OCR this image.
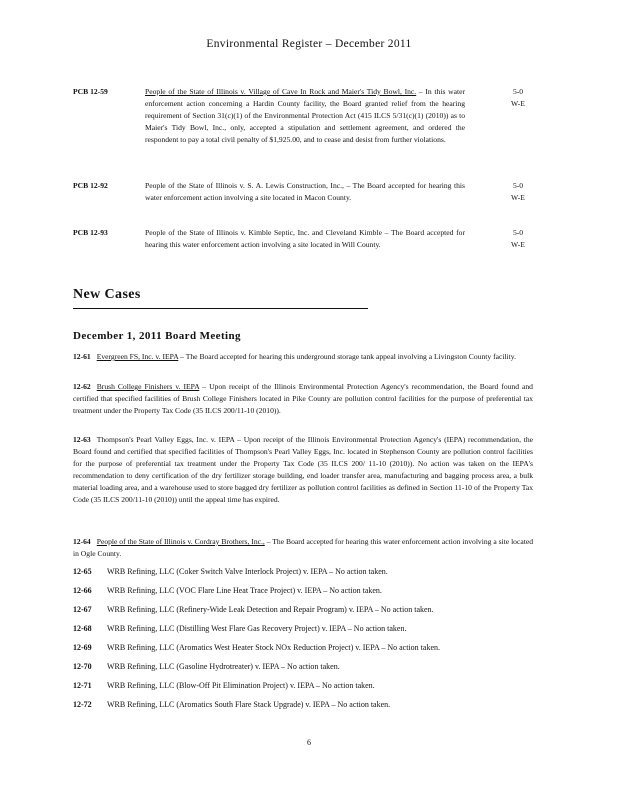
Environmental Register – December 2011
PCB 12-59	People of the State of Illinois v. Village of Cave In Rock and Maier's Tidy Bowl, Inc. – In this water enforcement action concerning a Hardin County facility, the Board granted relief from the hearing requirement of Section 31(c)(1) of the Environmental Protection Act (415 ILCS 5/31(c)(1) (2010)) as to Maier's Tidy Bowl, Inc., only, accepted a stipulation and settlement agreement, and ordered the respondent to pay a total civil penalty of $1,925.00, and to cease and desist from further violations.
5-0
W-E
PCB 12-92	People of the State of Illinois v. S. A. Lewis Construction, Inc., – The Board accepted for hearing this water enforcement action involving a site located in Macon County.
5-0
W-E
PCB 12-93	People of the State of Illinois v. Kimble Septic, Inc. and Cleveland Kimble – The Board accepted for hearing this water enforcement action involving a site located in Will County.
5-0
W-E
New Cases
December 1, 2011 Board Meeting
12-61 Evergreen FS, Inc. v. IEPA – The Board accepted for hearing this underground storage tank appeal involving a Livingston County facility.
12-62 Brush College Finishers v. IEPA – Upon receipt of the Illinois Environmental Protection Agency's recommendation, the Board found and certified that specified facilities of Brush College Finishers located in Pike County are pollution control facilities for the purpose of preferential tax treatment under the Property Tax Code (35 ILCS 200/11-10 (2010)).
12-63 Thompson's Pearl Valley Eggs, Inc. v. IEPA – Upon receipt of the Illinois Environmental Protection Agency's (IEPA) recommendation, the Board found and certified that specified facilities of Thompson's Pearl Valley Eggs, Inc. located in Stephenson County are pollution control facilities for the purpose of preferential tax treatment under the Property Tax Code (35 ILCS 200/ 11-10 (2010)). No action was taken on the IEPA's recommendation to deny certification of the dry fertilizer storage building, end loader transfer area, manufacturing and bagging process area, a bulk material loading area, and a warehouse used to store bagged dry fertilizer as pollution control facilities as defined in Section 11-10 of the Property Tax Code (35 ILCS 200/11-10 (2010)) until the appeal time has expired.
12-64 People of the State of Illinois v. Cordray Brothers, Inc., – The Board accepted for hearing this water enforcement action involving a site located in Ogle County.
12-65 WRB Refining, LLC (Coker Switch Valve Interlock Project) v. IEPA – No action taken.
12-66 WRB Refining, LLC (VOC Flare Line Heat Trace Project) v. IEPA – No action taken.
12-67 WRB Refining, LLC (Refinery-Wide Leak Detection and Repair Program) v. IEPA – No action taken.
12-68 WRB Refining, LLC (Distilling West Flare Gas Recovery Project) v. IEPA – No action taken.
12-69 WRB Refining, LLC (Aromatics West Heater Stock NOx Reduction Project) v. IEPA – No action taken.
12-70 WRB Refining, LLC (Gasoline Hydrotreater) v. IEPA – No action taken.
12-71 WRB Refining, LLC (Blow-Off Pit Elimination Project) v. IEPA – No action taken.
12-72 WRB Refining, LLC (Aromatics South Flare Stack Upgrade) v. IEPA – No action taken.
6
